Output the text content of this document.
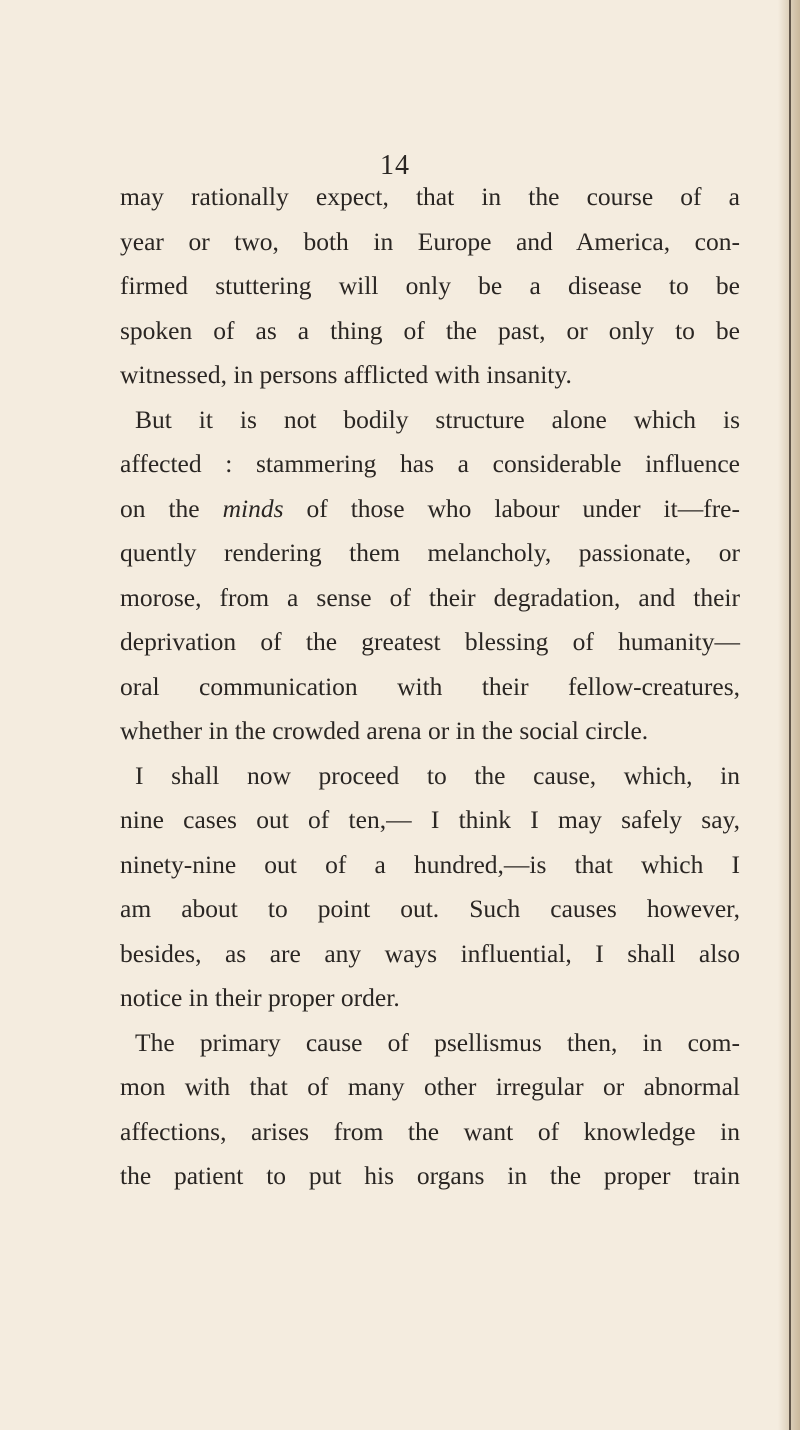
14
may rationally expect, that in the course of a
year or two, both in Europe and America, con-
firmed stuttering will only be a disease to be
spoken of as a thing of the past, or only to be
witnessed, in persons afflicted with insanity.
But it is not bodily structure alone which is
affected : stammering has a considerable influence
on the minds of those who labour under it—fre-
quently rendering them melancholy, passionate, or
morose, from a sense of their degradation, and their
deprivation of the greatest blessing of humanity—
oral communication with their fellow-creatures,
whether in the crowded arena or in the social circle.
I shall now proceed to the cause, which, in
nine cases out of ten,— I think I may safely say,
ninety-nine out of a hundred,—is that which I
am about to point out. Such causes however,
besides, as are any ways influential, I shall also
notice in their proper order.
The primary cause of psellismus then, in com-
mon with that of many other irregular or abnormal
affections, arises from the want of knowledge in
the patient to put his organs in the proper train
